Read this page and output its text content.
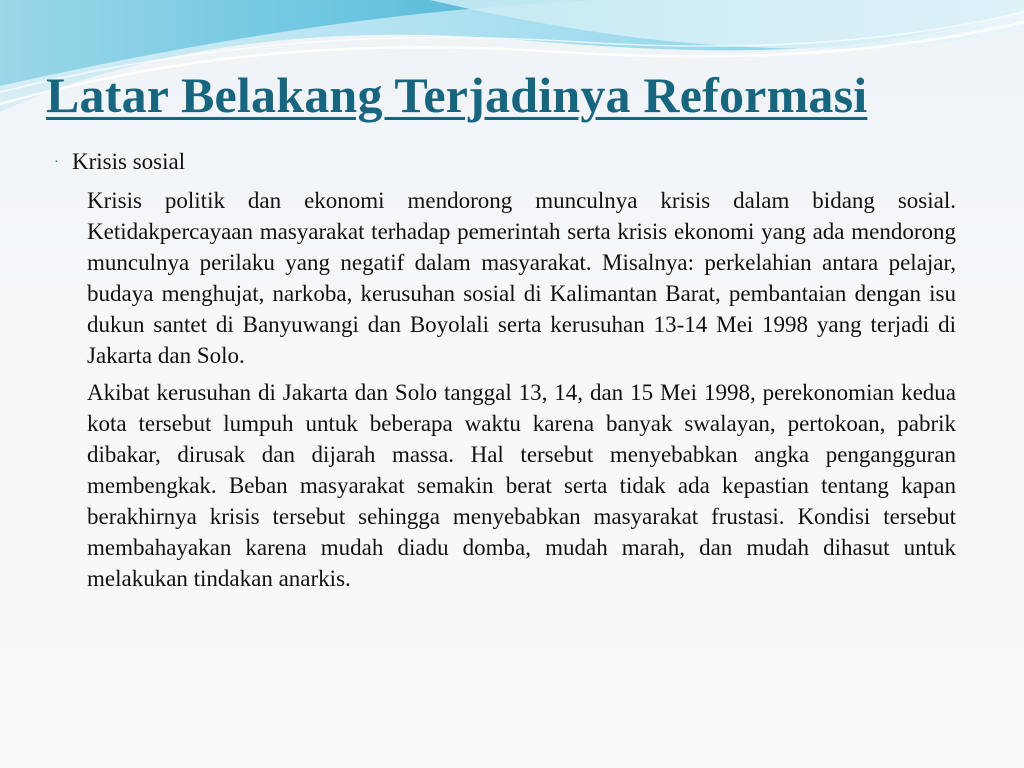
Latar Belakang Terjadinya Reformasi
· Krisis sosial

Krisis politik dan ekonomi mendorong munculnya krisis dalam bidang sosial. Ketidakpercayaan masyarakat terhadap pemerintah serta krisis ekonomi yang ada mendorong munculnya perilaku yang negatif dalam masyarakat. Misalnya: perkelahian antara pelajar, budaya menghujat, narkoba, kerusuhan sosial di Kalimantan Barat, pembantaian dengan isu dukun santet di Banyuwangi dan Boyolali serta kerusuhan 13-14 Mei 1998 yang terjadi di Jakarta dan Solo.

Akibat kerusuhan di Jakarta dan Solo tanggal 13, 14, dan 15 Mei 1998, perekonomian kedua kota tersebut lumpuh untuk beberapa waktu karena banyak swalayan, pertokoan, pabrik dibakar, dirusak dan dijarah massa. Hal tersebut menyebabkan angka pengangguran membengkak. Beban masyarakat semakin berat serta tidak ada kepastian tentang kapan berakhirnya krisis tersebut sehingga menyebabkan masyarakat frustasi. Kondisi tersebut membahayakan karena mudah diadu domba, mudah marah, dan mudah dihasut untuk melakukan tindakan anarkis.
